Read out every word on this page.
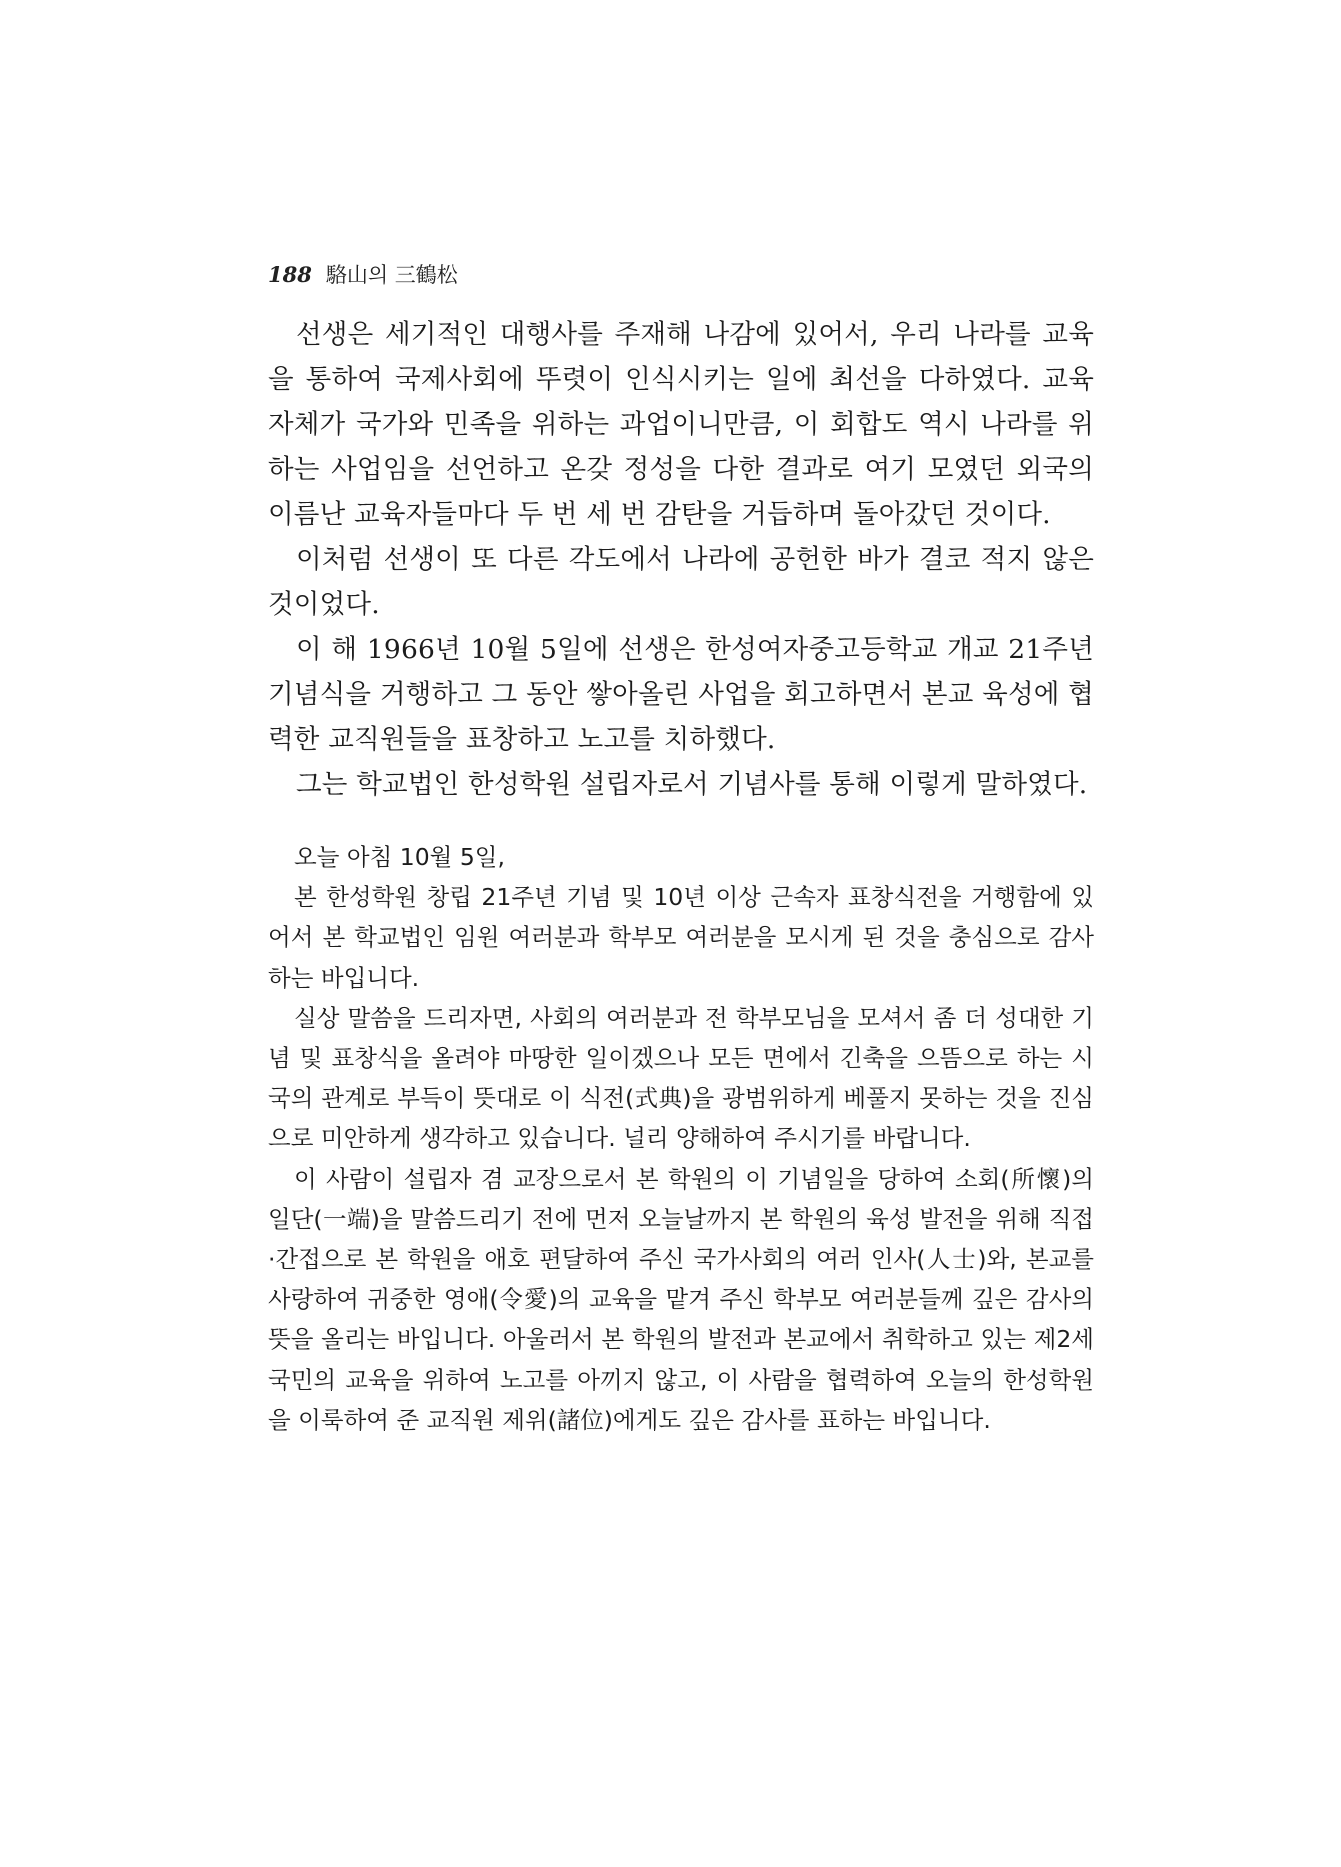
188 駱山의 三鶴松

선생은 세기적인 대행사를 주재해 나감에 있어서, 우리 나라를 교육을 통하여 국제사회에 뚜렷이 인식시키는 일에 최선을 다하였다. 교육 자체가 국가와 민족을 위하는 과업이니만큼, 이 회합도 역시 나라를 위하는 사업임을 선언하고 온갖 정성을 다한 결과로 여기 모였던 외국의 이름난 교육자들마다 두 번 세 번 감탄을 거듭하며 돌아갔던 것이다.

이처럼 선생이 또 다른 각도에서 나라에 공헌한 바가 결코 적지 않은 것이었다.

이 해 1966년 10월 5일에 선생은 한성여자중고등학교 개교 21주년 기념식을 거행하고 그 동안 쌓아올린 사업을 회고하면서 본교 육성에 협력한 교직원들을 표창하고 노고를 치하했다.

그는 학교법인 한성학원 설립자로서 기념사를 통해 이렇게 말하였다.

오늘 아침 10월 5일,

본 한성학원 창립 21주년 기념 및 10년 이상 근속자 표창식전을 거행함에 있어서 본 학교법인 임원 여러분과 학부모 여러분을 모시게 된 것을 충심으로 감사하는 바입니다.

실상 말씀을 드리자면, 사회의 여러분과 전 학부모님을 모셔서 좀 더 성대한 기념 및 표창식을 올려야 마땅한 일이겠으나 모든 면에서 긴축을 으뜸으로 하는 시국의 관계로 부득이 뜻대로 이 식전(式典)을 광범위하게 베풀지 못하는 것을 진심으로 미안하게 생각하고 있습니다. 널리 양해하여 주시기를 바랍니다.

이 사람이 설립자 겸 교장으로서 본 학원의 이 기념일을 당하여 소회(所懷)의 일단(一端)을 말씀드리기 전에 먼저 오늘날까지 본 학원의 육성 발전을 위해 직접·간접으로 본 학원을 애호 편달하여 주신 국가사회의 여러 인사(人士)와, 본교를 사랑하여 귀중한 영애(令愛)의 교육을 맡겨 주신 학부모 여러분들께 깊은 감사의 뜻을 올리는 바입니다. 아울러서 본 학원의 발전과 본교에서 취학하고 있는 제2세 국민의 교육을 위하여 노고를 아끼지 않고, 이 사람을 협력하여 오늘의 한성학원을 이룩하여 준 교직원 제위(諸位)에게도 깊은 감사를 표하는 바입니다.
